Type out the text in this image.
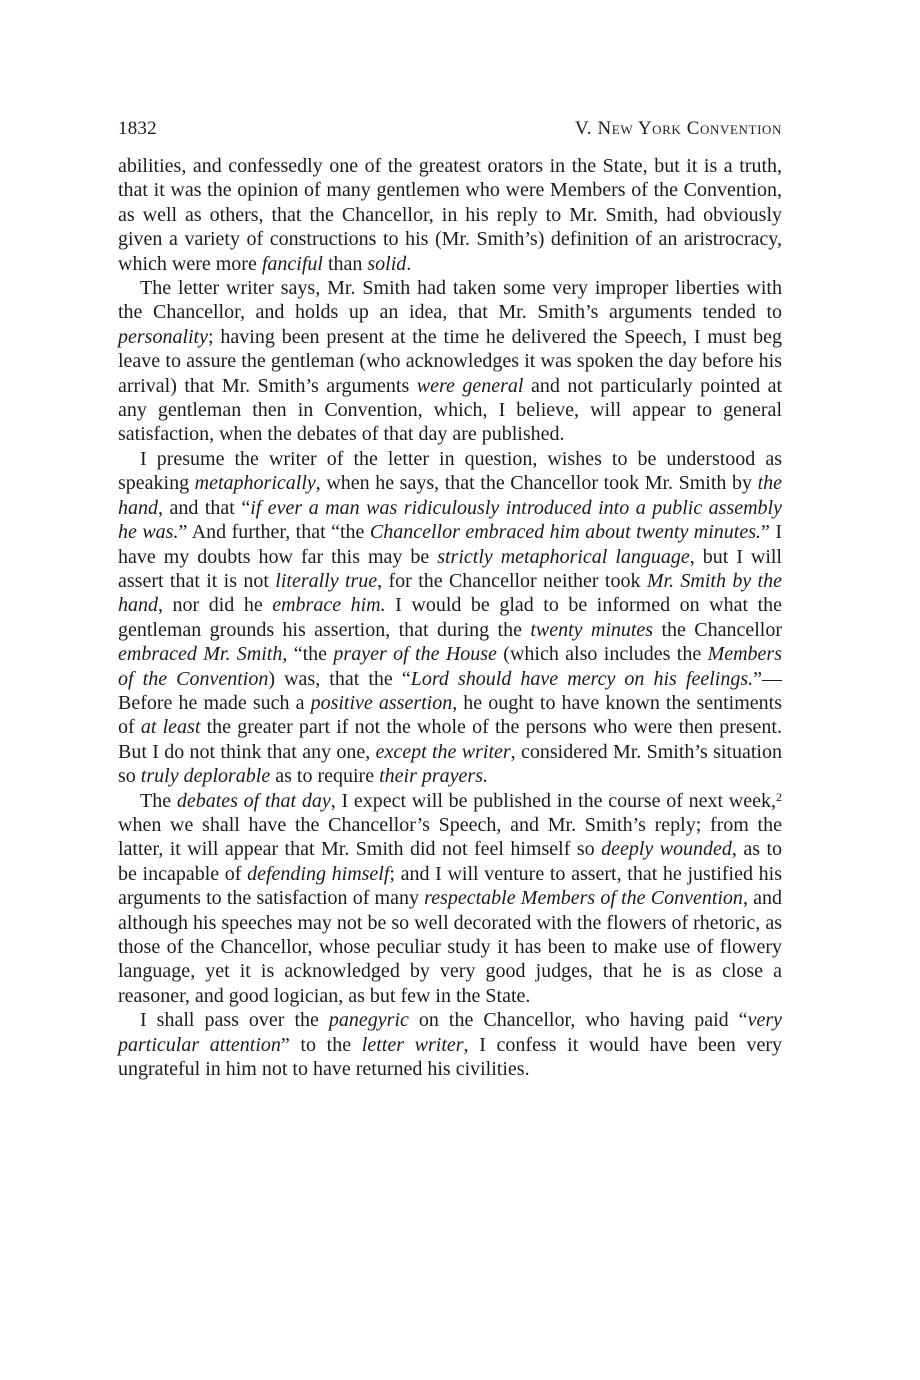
1832	V. New York Convention

abilities, and confessedly one of the greatest orators in the State, but it is a truth, that it was the opinion of many gentlemen who were Members of the Convention, as well as others, that the Chancellor, in his reply to Mr. Smith, had obviously given a variety of constructions to his (Mr. Smith’s) definition of an aristrocracy, which were more fanciful than solid.

The letter writer says, Mr. Smith had taken some very improper liberties with the Chancellor, and holds up an idea, that Mr. Smith’s arguments tended to personality; having been present at the time he delivered the Speech, I must beg leave to assure the gentleman (who acknowledges it was spoken the day before his arrival) that Mr. Smith’s arguments were general and not particularly pointed at any gentleman then in Convention, which, I believe, will appear to general satisfaction, when the debates of that day are published.

I presume the writer of the letter in question, wishes to be understood as speaking metaphorically, when he says, that the Chancellor took Mr. Smith by the hand, and that “if ever a man was ridiculously introduced into a public assembly he was.” And further, that “the Chancellor embraced him about twenty minutes.” I have my doubts how far this may be strictly metaphorical language, but I will assert that it is not literally true, for the Chancellor neither took Mr. Smith by the hand, nor did he embrace him. I would be glad to be informed on what the gentleman grounds his assertion, that during the twenty minutes the Chancellor embraced Mr. Smith, “the prayer of the House (which also includes the Members of the Convention) was, that the “Lord should have mercy on his feelings.”—Before he made such a positive assertion, he ought to have known the sentiments of at least the greater part if not the whole of the persons who were then present. But I do not think that any one, except the writer, considered Mr. Smith’s situation so truly deplorable as to require their prayers.

The debates of that day, I expect will be published in the course of next week,$^2$ when we shall have the Chancellor’s Speech, and Mr. Smith’s reply; from the latter, it will appear that Mr. Smith did not feel himself so deeply wounded, as to be incapable of defending himself; and I will venture to assert, that he justified his arguments to the satisfaction of many respectable Members of the Convention, and although his speeches may not be so well decorated with the flowers of rhetoric, as those of the Chancellor, whose peculiar study it has been to make use of flowery language, yet it is acknowledged by very good judges, that he is as close a reasoner, and good logician, as but few in the State.

I shall pass over the panegyric on the Chancellor, who having paid “very particular attention” to the letter writer, I confess it would have been very ungrateful in him not to have returned his civilities.
